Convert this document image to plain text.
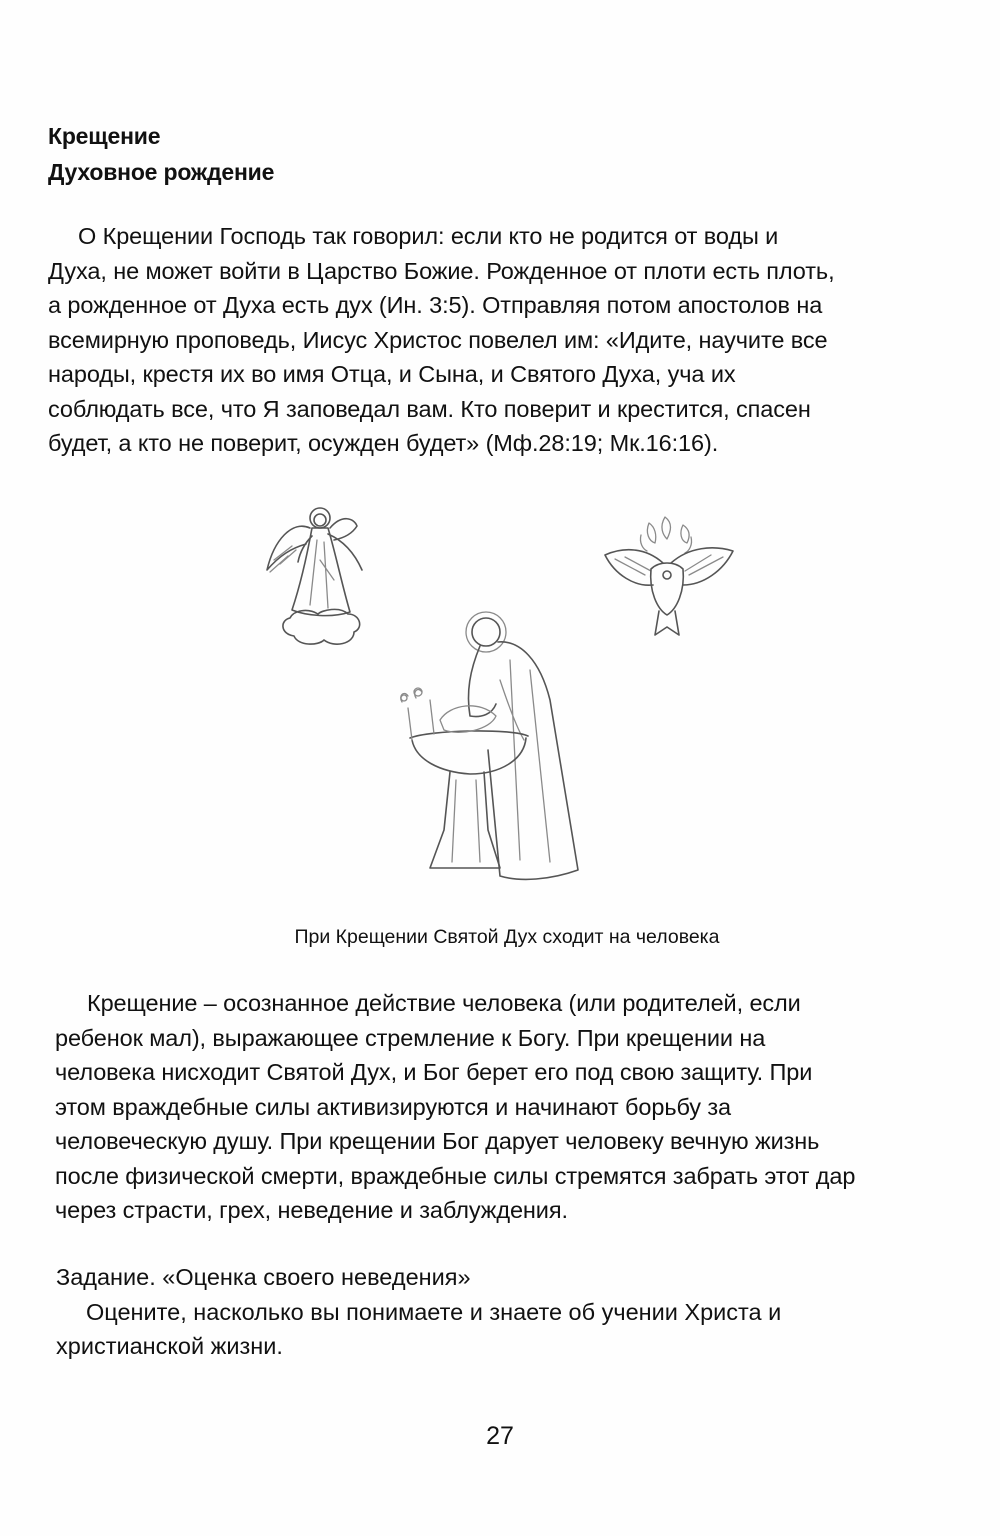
Крещение
Духовное рождение
О Крещении Господь так говорил: если кто не родится от воды и
Духа, не может войти в Царство Божие. Рожденное от плоти есть плоть,
а рожденное от Духа есть дух (Ин. 3:5). Отправляя потом апостолов на
всемирную проповедь, Иисус Христос повелел им: «Идите, научите все
народы, крестя их во имя Отца, и Сына, и Святого Духа, уча их
соблюдать все, что Я заповедал вам. Кто поверит и крестится, спасен
будет, а кто не поверит, осужден будет» (Мф.28:19; Мк.16:16).
При Крещении Святой Дух сходит на человека
Крещение – осознанное действие человека (или родителей, если
ребенок мал), выражающее стремление к Богу. При крещении на
человека нисходит Святой Дух, и Бог берет его под свою защиту. При
этом враждебные силы активизируются и начинают борьбу за
человеческую душу. При крещении Бог дарует человеку вечную жизнь
после физической смерти, враждебные силы стремятся забрать этот дар
через страсти, грех, неведение и заблуждения.
Задание. «Оценка своего неведения»
Оцените, насколько вы понимаете и знаете об учении Христа и
христианской жизни.
27
